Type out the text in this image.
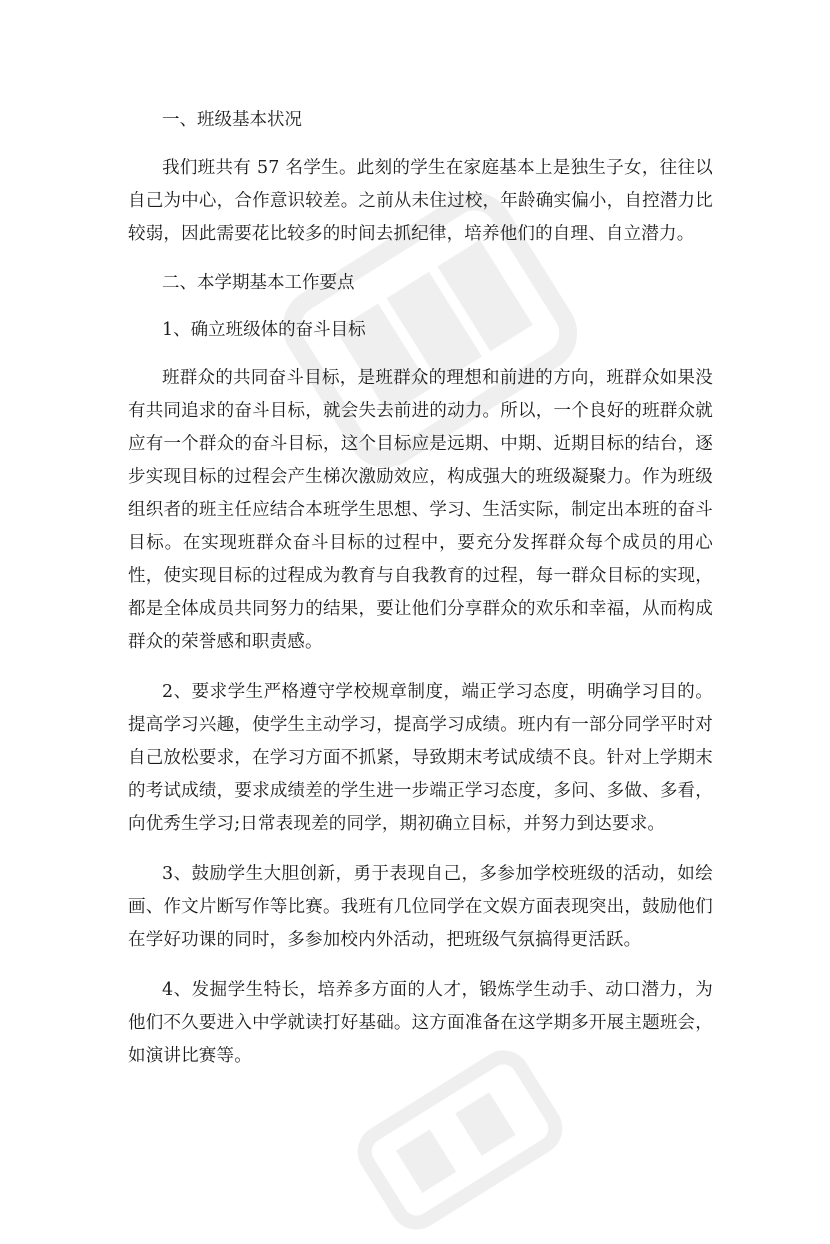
一、班级基本状况

我们班共有 57 名学生。此刻的学生在家庭基本上是独生子女，往往以自己为中心，合作意识较差。之前从未住过校，年龄确实偏小，自控潜力比较弱，因此需要花比较多的时间去抓纪律，培养他们的自理、自立潜力。

二、本学期基本工作要点

1、确立班级体的奋斗目标

班群众的共同奋斗目标，是班群众的理想和前进的方向，班群众如果没有共同追求的奋斗目标，就会失去前进的动力。所以，一个良好的班群众就应有一个群众的奋斗目标，这个目标应是远期、中期、近期目标的结台，逐步实现目标的过程会产生梯次激励效应，构成强大的班级凝聚力。作为班级组织者的班主任应结合本班学生思想、学习、生活实际，制定出本班的奋斗目标。在实现班群众奋斗目标的过程中，要充分发挥群众每个成员的用心性，使实现目标的过程成为教育与自我教育的过程，每一群众目标的实现，都是全体成员共同努力的结果，要让他们分享群众的欢乐和幸福，从而构成群众的荣誉感和职责感。

2、要求学生严格遵守学校规章制度，端正学习态度，明确学习目的。提高学习兴趣，使学生主动学习，提高学习成绩。班内有一部分同学平时对自己放松要求，在学习方面不抓紧，导致期末考试成绩不良。针对上学期末的考试成绩，要求成绩差的学生进一步端正学习态度，多问、多做、多看，向优秀生学习;日常表现差的同学，期初确立目标，并努力到达要求。

3、鼓励学生大胆创新，勇于表现自己，多参加学校班级的活动，如绘画、作文片断写作等比赛。我班有几位同学在文娱方面表现突出，鼓励他们在学好功课的同时，多参加校内外活动，把班级气氛搞得更活跃。

4、发掘学生特长，培养多方面的人才，锻炼学生动手、动口潜力，为他们不久要进入中学就读打好基础。这方面准备在这学期多开展主题班会，如演讲比赛等。
